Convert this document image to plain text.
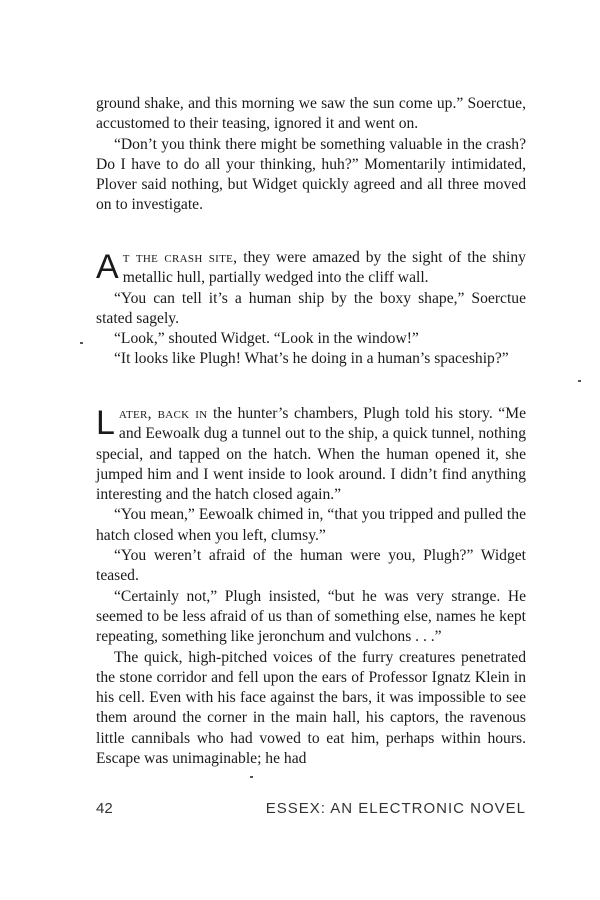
ground shake, and this morning we saw the sun come up.” Soerctue, accustomed to their teasing, ignored it and went on.

“Don’t you think there might be something valuable in the crash? Do I have to do all your thinking, huh?” Momentarily intimidated, Plover said nothing, but Widget quickly agreed and all three moved on to investigate.

At the crash site, they were amazed by the sight of the shiny metallic hull, partially wedged into the cliff wall.

“You can tell it’s a human ship by the boxy shape,” Soerctue stated sagely.

“Look,” shouted Widget. “Look in the window!”

“It looks like Plugh! What’s he doing in a human’s spaceship?”

Later, back in the hunter’s chambers, Plugh told his story. “Me and Eewoalk dug a tunnel out to the ship, a quick tunnel, nothing special, and tapped on the hatch. When the human opened it, she jumped him and I went inside to look around. I didn’t find anything interesting and the hatch closed again.”

“You mean,” Eewoalk chimed in, “that you tripped and pulled the hatch closed when you left, clumsy.”

“You weren’t afraid of the human were you, Plugh?” Widget teased.

“Certainly not,” Plugh insisted, “but he was very strange. He seemed to be less afraid of us than of something else, names he kept repeating, something like jeronchum and vulchons . . .”

The quick, high-pitched voices of the furry creatures penetrated the stone corridor and fell upon the ears of Professor Ignatz Klein in his cell. Even with his face against the bars, it was impossible to see them around the corner in the main hall, his captors, the ravenous little cannibals who had vowed to eat him, perhaps within hours. Escape was unimaginable; he had

42	ESSEX: AN ELECTRONIC NOVEL
